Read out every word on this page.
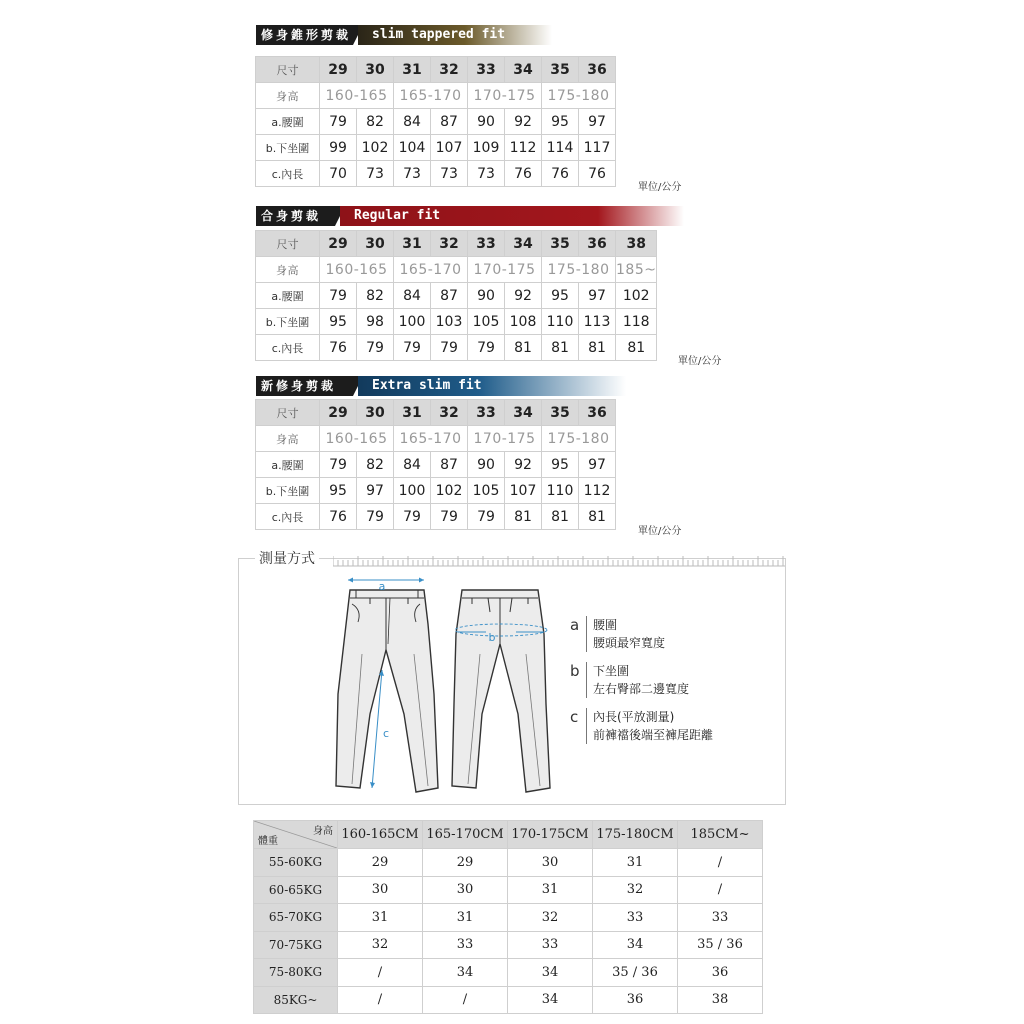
修身錐形剪裁	slim tappered fit
尺寸	29	30	31	32	33	34	35	36
身高	160-165		165-170		170-175		175-180	
a.腰圍	79	82	84	87	90	92	95	97
b.下坐圍	99	102	104	107	109	112	114	117
c.內長	70	73	73	73	73	76	76	76
單位/公分
合身剪裁	Regular fit
尺寸	29	30	31	32	33	34	35	36	38
身高	160-165		165-170		170-175		175-180		185~
a.腰圍	79	82	84	87	90	92	95	97	102
b.下坐圍	95	98	100	103	105	108	110	113	118
c.內長	76	79	79	79	79	81	81	81	81
單位/公分
新修身剪裁	Extra slim fit
尺寸	29	30	31	32	33	34	35	36
身高	160-165		165-170		170-175		175-180	
a.腰圍	79	82	84	87	90	92	95	97
b.下坐圍	95	97	100	102	105	107	110	112
c.內長	76	79	79	79	79	81	81	81
單位/公分
測量方式
a
b
c
a 腰圍
腰頭最窄寬度
b 下坐圍
左右臀部二邊寬度
c 內長(平放測量)
前褲襠後端至褲尾距離
身高
體重	160-165CM	165-170CM	170-175CM	175-180CM	185CM~
55-60KG	29	29	30	31	/
60-65KG	30	30	31	32	/
65-70KG	31	31	32	33	33
70-75KG	32	33	33	34	35 / 36
75-80KG	/	34	34	35 / 36	36
85KG~	/	/	34	36	38
